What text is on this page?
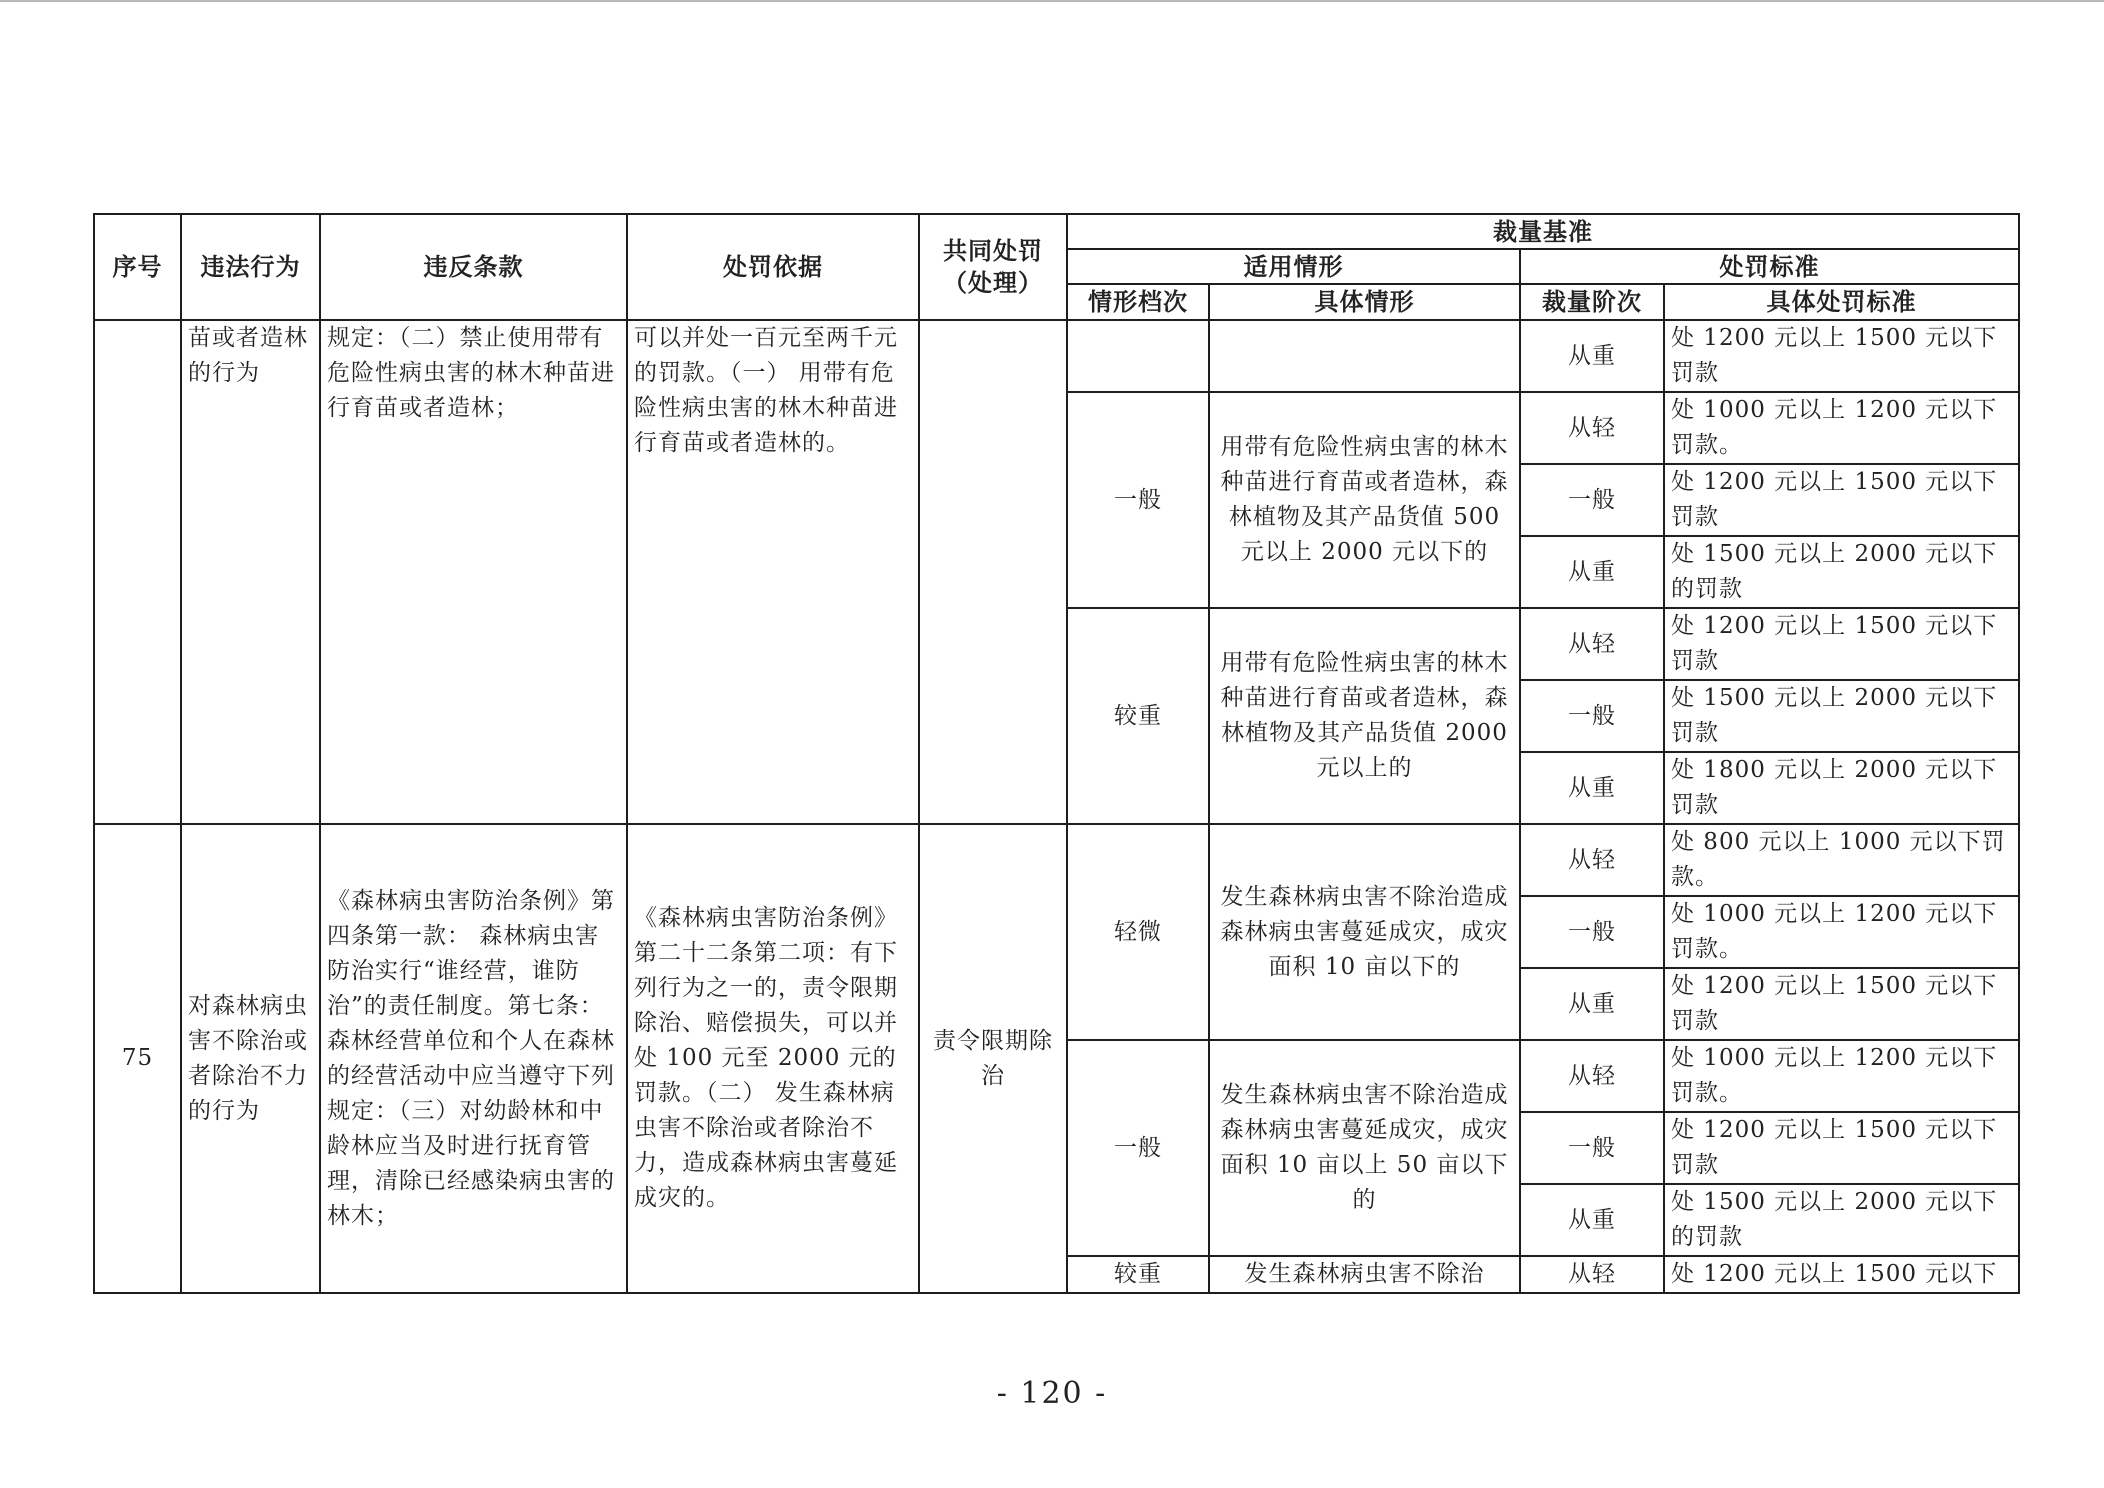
序号	违法行为	违反条款	处罚依据	共同处罚（处理）	裁量基准			
					适用情形		处罚标准	
					情形档次	具体情形	裁量阶次	具体处罚标准
	苗或者造林的行为	规定：（二）禁止使用带有危险性病虫害的林木种苗进行育苗或者造林；	可以并处一百元至两千元的罚款。（一） 用带有危险性病虫害的林木种苗进行育苗或者造林的。				从重	处 1200 元以上 1500 元以下罚款
					一般	用带有危险性病虫害的林木种苗进行育苗或者造林，森林植物及其产品货值 500 元以上 2000 元以下的	从轻	处 1000 元以上 1200 元以下罚款。
							一般	处 1200 元以上 1500 元以下罚款
							从重	处 1500 元以上 2000 元以下的罚款
					较重	用带有危险性病虫害的林木种苗进行育苗或者造林，森林植物及其产品货值 2000 元以上的	从轻	处 1200 元以上 1500 元以下罚款
							一般	处 1500 元以上 2000 元以下罚款
							从重	处 1800 元以上 2000 元以下罚款
75	对森林病虫害不除治或者除治不力的行为	《森林病虫害防治条例》第四条第一款： 森林病虫害防治实行“谁经营，谁防治”的责任制度。第七条：森林经营单位和个人在森林的经营活动中应当遵守下列规定：（三）对幼龄林和中龄林应当及时进行抚育管理，清除已经感染病虫害的林木；	《森林病虫害防治条例》第二十二条第二项：有下列行为之一的，责令限期除治、赔偿损失，可以并处 100 元至 2000 元的罚款。（二） 发生森林病虫害不除治或者除治不力，造成森林病虫害蔓延成灾的。	责令限期除治	轻微	发生森林病虫害不除治造成森林病虫害蔓延成灾，成灾面积 10 亩以下的	从轻	处 800 元以上 1000 元以下罚款。
							一般	处 1000 元以上 1200 元以下罚款。
							从重	处 1200 元以上 1500 元以下罚款
					一般	发生森林病虫害不除治造成森林病虫害蔓延成灾，成灾面积 10 亩以上 50 亩以下的	从轻	处 1000 元以上 1200 元以下罚款。
							一般	处 1200 元以上 1500 元以下罚款
							从重	处 1500 元以上 2000 元以下的罚款
					较重	发生森林病虫害不除治	从轻	处 1200 元以上 1500 元以下
- 120 -
